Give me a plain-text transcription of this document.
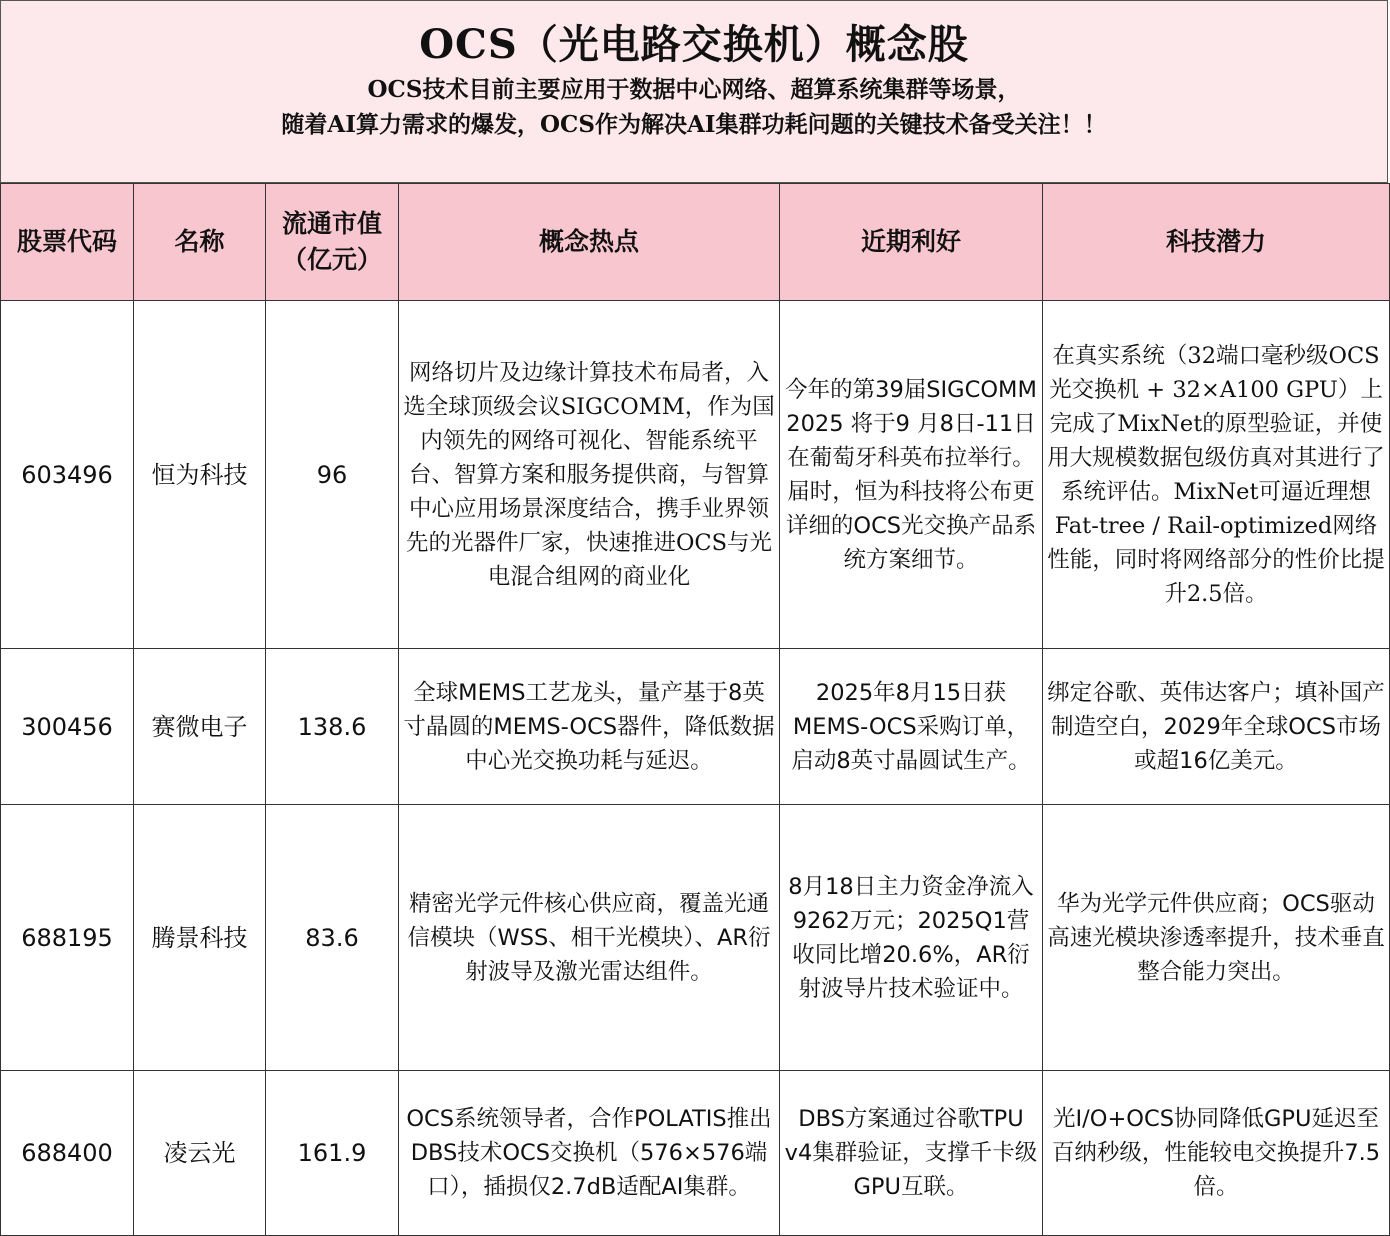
OCS（光电路交换机）概念股
OCS技术目前主要应用于数据中心网络、超算系统集群等场景，
随着AI算力需求的爆发，OCS作为解决AI集群功耗问题的关键技术备受关注！！
股票代码	名称	流通市值（亿元）	概念热点	近期利好	科技潜力
603496	恒为科技	96	网络切片及边缘计算技术布局者，入选全球顶级会议SIGCOMM，作为国内领先的网络可视化、智能系统平台、智算方案和服务提供商，与智算中心应用场景深度结合，携手业界领先的光器件厂家，快速推进OCS与光电混合组网的商业化	今年的第39届SIGCOMM 2025 将于9 月8日-11日在葡萄牙科英布拉举行。届时，恒为科技将公布更详细的OCS光交换产品系统方案细节。	在真实系统（32端口毫秒级OCS光交换机 + 32×A100 GPU）上完成了MixNet的原型验证，并使用大规模数据包级仿真对其进行了系统评估。MixNet可逼近理想Fat-tree / Rail-optimized网络性能，同时将网络部分的性价比提升2.5倍。
300456	赛微电子	138.6	全球MEMS工艺龙头，量产基于8英寸晶圆的MEMS-OCS器件，降低数据中心光交换功耗与延迟。	2025年8月15日获MEMS-OCS采购订单，启动8英寸晶圆试生产。	绑定谷歌、英伟达客户；填补国产制造空白，2029年全球OCS市场或超16亿美元。
688195	腾景科技	83.6	精密光学元件核心供应商，覆盖光通信模块（WSS、相干光模块）、AR衍射波导及激光雷达组件。	8月18日主力资金净流入9262万元；2025Q1营收同比增20.6%，AR衍射波导片技术验证中。	华为光学元件供应商；OCS驱动高速光模块渗透率提升，技术垂直整合能力突出。
688400	凌云光	161.9	OCS系统领导者，合作POLATIS推出DBS技术OCS交换机（576×576端口），插损仅2.7dB适配AI集群。	DBS方案通过谷歌TPU v4集群验证，支撑千卡级GPU互联。	光I/O+OCS协同降低GPU延迟至百纳秒级，性能较电交换提升7.5倍。
